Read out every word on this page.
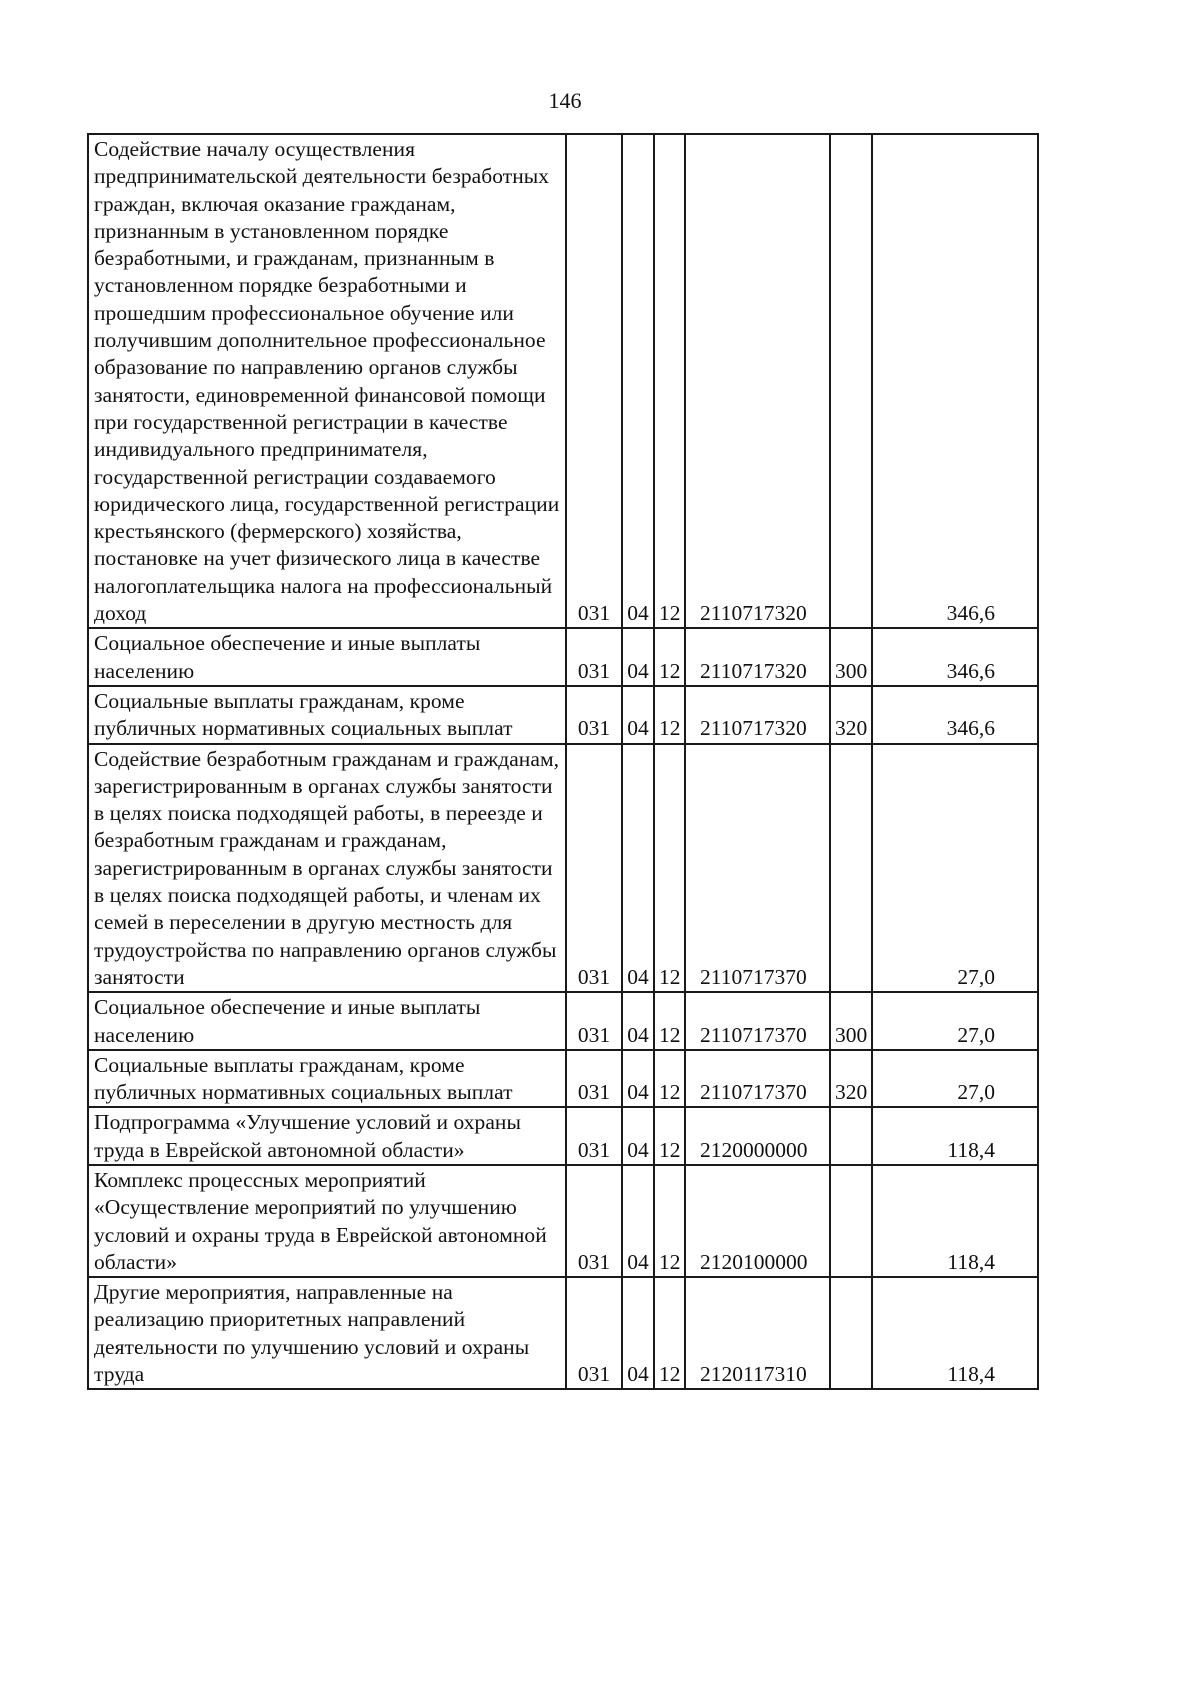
146
Содействие началу осуществления предпринимательской деятельности безработных граждан, включая оказание гражданам, признанным в установленном порядке безработными, и гражданам, признанным в установленном порядке безработными и прошедшим профессиональное обучение или получившим дополнительное профессиональное образование по направлению органов службы занятости, единовременной финансовой помощи при государственной регистрации в качестве индивидуального предпринимателя, государственной регистрации создаваемого юридического лица, государственной регистрации крестьянского (фермерского) хозяйства, постановке на учет физического лица в качестве налогоплательщика налога на профессиональный доход	031	04	12	2110717320		346,6
Социальное обеспечение и иные выплаты населению	031	04	12	2110717320	300	346,6
Социальные выплаты гражданам, кроме публичных нормативных социальных выплат	031	04	12	2110717320	320	346,6
Содействие безработным гражданам и гражданам, зарегистрированным в органах службы занятости в целях поиска подходящей работы, в переезде и безработным гражданам и гражданам, зарегистрированным в органах службы занятости в целях поиска подходящей работы, и членам их семей в переселении в другую местность для трудоустройства по направлению органов службы занятости	031	04	12	2110717370		27,0
Социальное обеспечение и иные выплаты населению	031	04	12	2110717370	300	27,0
Социальные выплаты гражданам, кроме публичных нормативных социальных выплат	031	04	12	2110717370	320	27,0
Подпрограмма «Улучшение условий и охраны труда в Еврейской автономной области»	031	04	12	2120000000		118,4
Комплекс процессных мероприятий «Осуществление мероприятий по улучшению условий и охраны труда в Еврейской автономной области»	031	04	12	2120100000		118,4
Другие мероприятия, направленные на реализацию приоритетных направлений деятельности по улучшению условий и охраны труда	031	04	12	2120117310		118,4
